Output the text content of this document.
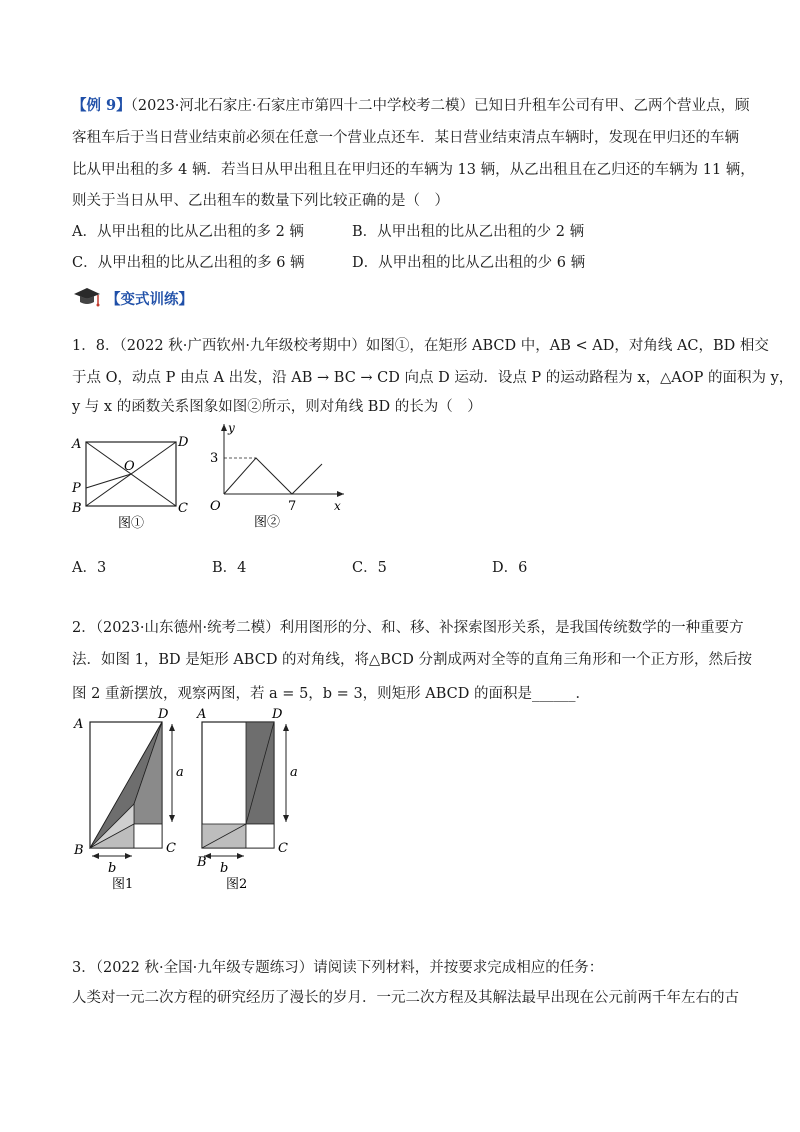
【例 9】（2023·河北石家庄·石家庄市第四十二中学校考二模）已知日升租车公司有甲、乙两个营业点，顾
客租车后于当日营业结束前必须在任意一个营业点还车．某日营业结束清点车辆时，发现在甲归还的车辆
比从甲出租的多 4 辆．若当日从甲出租且在甲归还的车辆为 13 辆，从乙出租且在乙归还的车辆为 11 辆，
则关于当日从甲、乙出租车的数量下列比较正确的是（　）
A．从甲出租的比从乙出租的多 2 辆	B．从甲出租的比从乙出租的少 2 辆
C．从甲出租的比从乙出租的多 6 辆	D．从甲出租的比从乙出租的少 6 辆
【变式训练】
1．8．（2022 秋·广西钦州·九年级校考期中）如图①，在矩形 ABCD 中，AB < AD，对角线 AC，BD 相交
于点 O，动点 P 由点 A 出发，沿 AB → BC → CD 向点 D 运动．设点 P 的运动路程为 x，△AOP 的面积为 y，
y 与 x 的函数关系图象如图②所示，则对角线 BD 的长为（　）
A	D
O
P
B	C
图①
y
3
O	7	x
图②
A．3	B．4	C．5	D．6
2．（2023·山东德州·统考二模）利用图形的分、和、移、补探索图形关系，是我国传统数学的一种重要方
法．如图 1，BD 是矩形 ABCD 的对角线，将△BCD 分割成两对全等的直角三角形和一个正方形，然后按
图 2 重新摆放，观察两图，若 a = 5，b = 3，则矩形 ABCD 的面积是______．
A
D
a
B	C
b
图1
A	D
a
B
C
b
图2
3．（2022 秋·全国·九年级专题练习）请阅读下列材料，并按要求完成相应的任务：
人类对一元二次方程的研究经历了漫长的岁月．一元二次方程及其解法最早出现在公元前两千年左右的古
